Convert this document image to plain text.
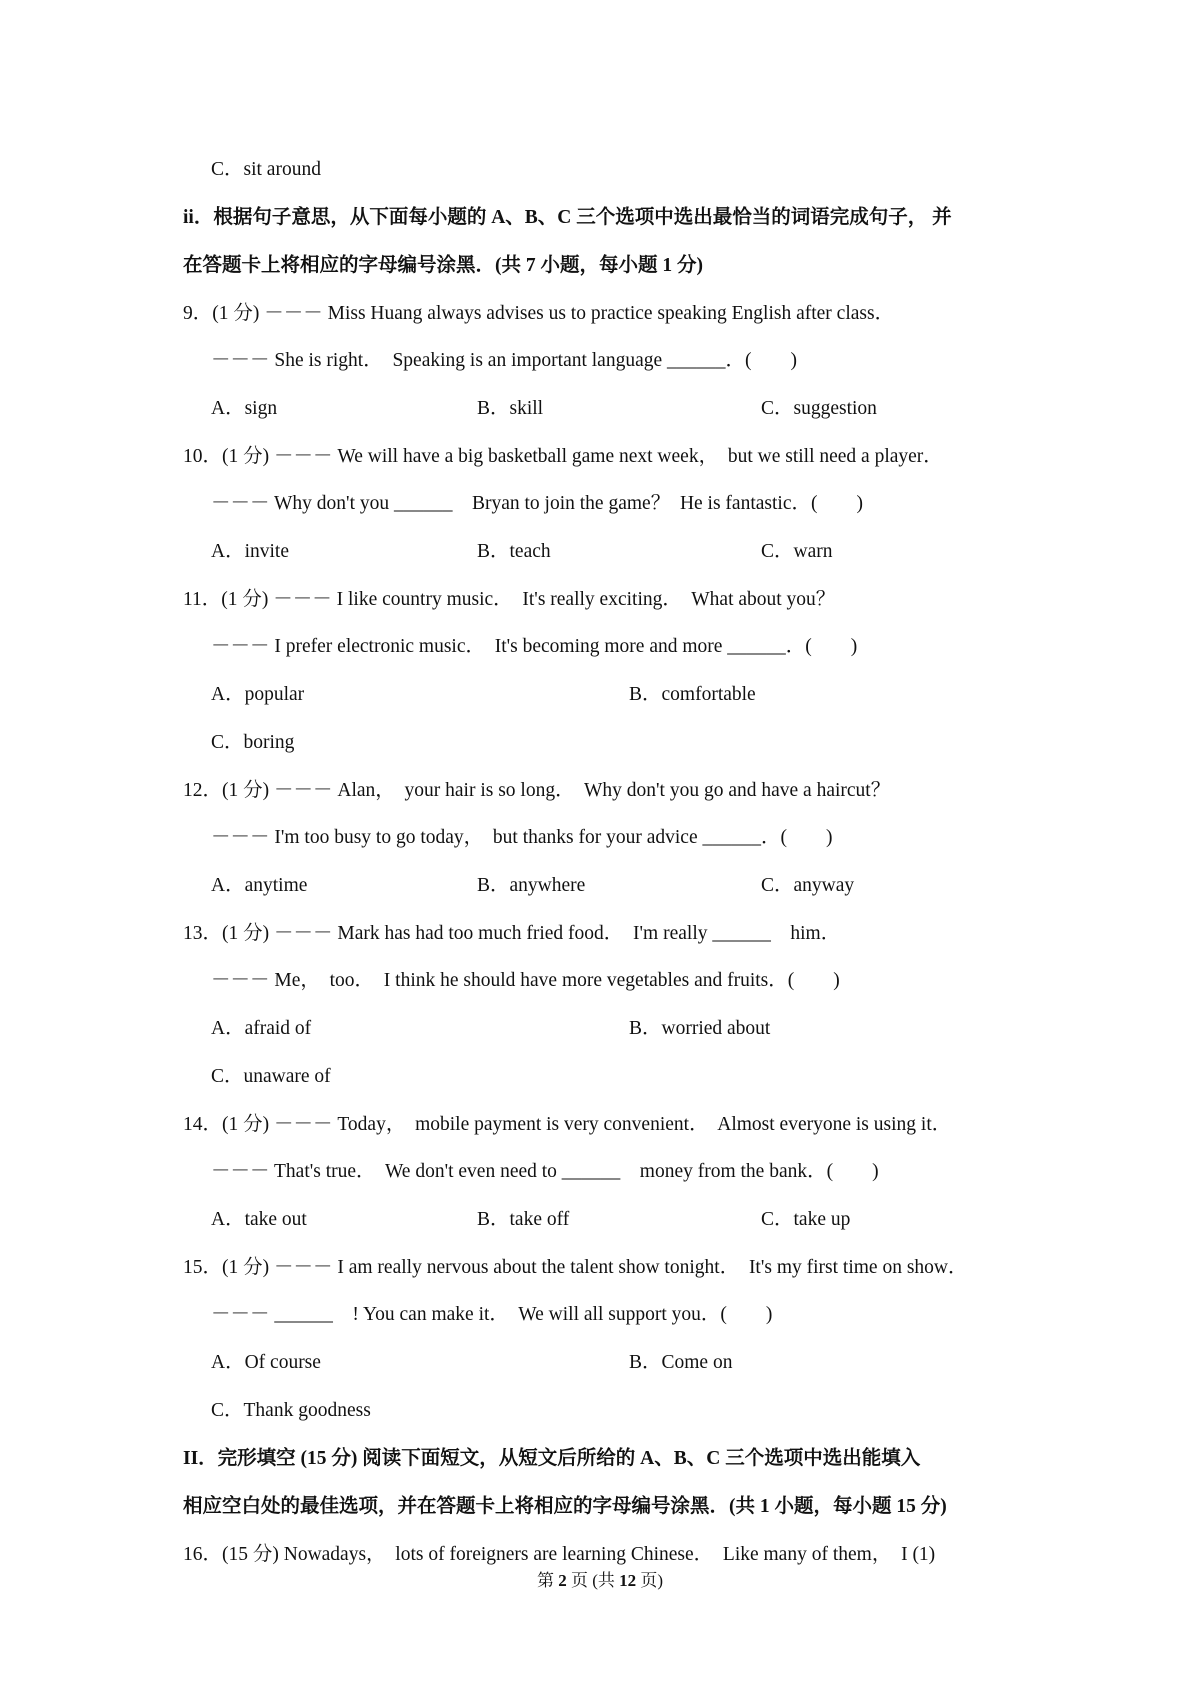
C．sit around
ii．根据句子意思，从下面每小题的 A、B、C 三个选项中选出最恰当的词语完成句子， 并
在答题卡上将相应的字母编号涂黑．(共 7 小题，每小题 1 分)
9．(1 分) －－－ Miss Huang always advises us to practice speaking English after class．
－－－ She is right．  Speaking is an important language ______．(        )
A．sign	B．skill	C．suggestion
10．(1 分) －－－ We will have a big basketball game next week，  but we still need a player．
－－－ Why don't you ______    Bryan to join the game？  He is fantastic．(        )
A．invite	B．teach	C．warn
11．(1 分) －－－ I like country music．  It's really exciting．  What about you？
－－－ I prefer electronic music．  It's becoming more and more ______．(        )
A．popular	B．comfortable
C．boring
12．(1 分) －－－ Alan，  your hair is so long．  Why don't you go and have a haircut？
－－－ I'm too busy to go today，  but thanks for your advice ______．(        )
A．anytime	B．anywhere	C．anyway
13．(1 分) －－－ Mark has had too much fried food．  I'm really ______    him．
－－－ Me，  too．  I think he should have more vegetables and fruits．(        )
A．afraid of	B．worried about
C．unaware of
14．(1 分) －－－ Today，  mobile payment is very convenient．  Almost everyone is using it．
－－－ That's true．  We don't even need to ______    money from the bank．(        )
A．take out	B．take off	C．take up
15．(1 分) －－－ I am really nervous about the talent show tonight．  It's my first time on show．
－－－ ______    ! You can make it．  We will all support you．(        )
A．Of course	B．Come on
C．Thank goodness
II．完形填空 (15 分) 阅读下面短文，从短文后所给的 A、B、C 三个选项中选出能填入
相应空白处的最佳选项，并在答题卡上将相应的字母编号涂黑．(共 1 小题，每小题 15 分)
16．(15 分) Nowadays，  lots of foreigners are learning Chinese．  Like many of them，  I (1)
第 2 页 (共 12 页)
